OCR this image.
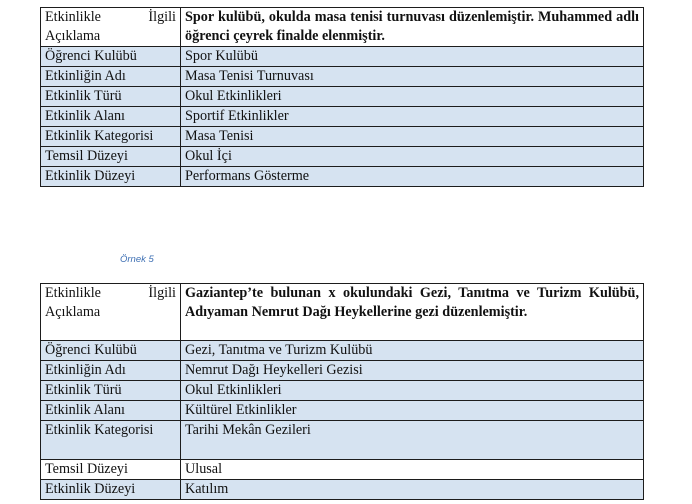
Etkinlikle İlgili
Açıklama	Spor kulübü, okulda masa tenisi turnuvası düzenlemiştir. Muhammed adlı öğrenci çeyrek finalde elenmiştir.
Öğrenci Kulübü	Spor Kulübü
Etkinliğin Adı	Masa Tenisi Turnuvası
Etkinlik Türü	Okul Etkinlikleri
Etkinlik Alanı	Sportif Etkinlikler
Etkinlik Kategorisi	Masa Tenisi
Temsil Düzeyi	Okul İçi
Etkinlik Düzeyi	Performans Gösterme
Örnek 5
Etkinlikle İlgili
Açıklama	Gaziantep’te bulunan x okulundaki Gezi, Tanıtma ve Turizm Kulübü, Adıyaman Nemrut Dağı Heykellerine gezi düzenlemiştir.
Öğrenci Kulübü	Gezi, Tanıtma ve Turizm Kulübü
Etkinliğin Adı	Nemrut Dağı Heykelleri Gezisi
Etkinlik Türü	Okul Etkinlikleri
Etkinlik Alanı	Kültürel Etkinlikler
Etkinlik Kategorisi	Tarihi Mekân Gezileri
Temsil Düzeyi	Ulusal
Etkinlik Düzeyi	Katılım
